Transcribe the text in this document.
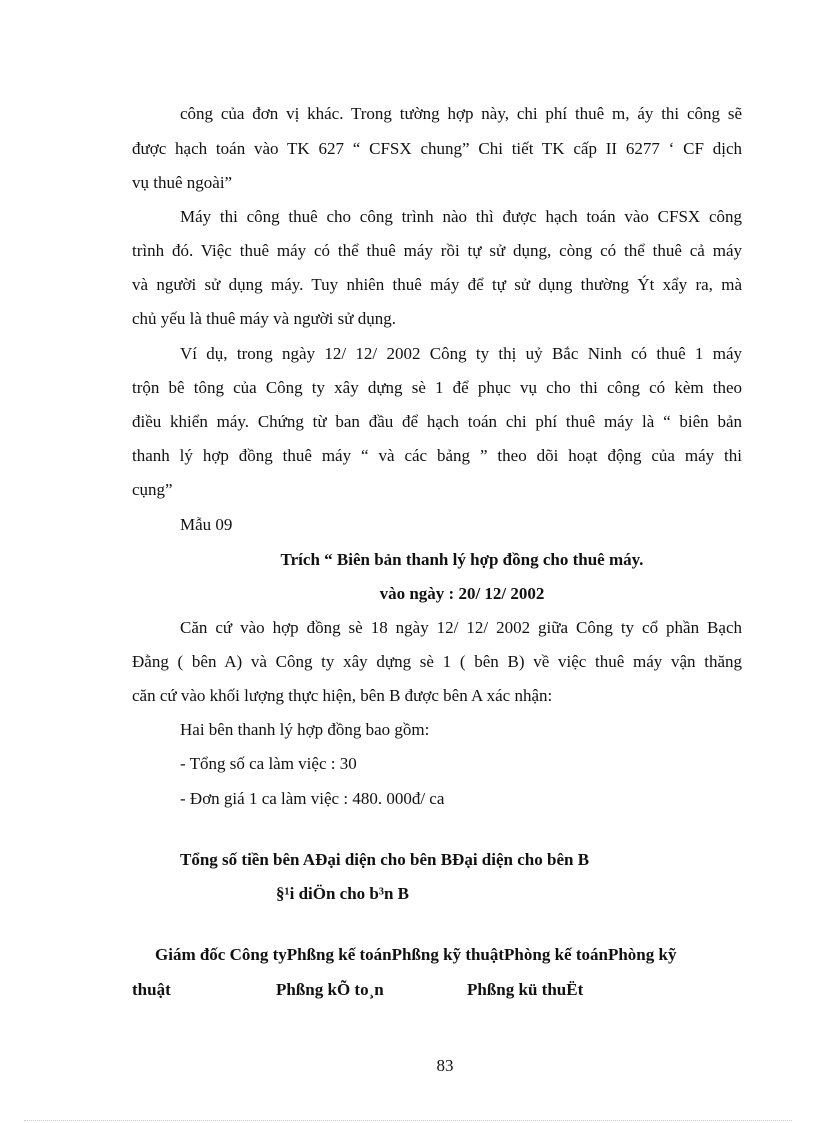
công của đơn vị khác. Trong tường hợp này, chi phí thuê m, áy thi công sẽ
được hạch toán vào TK 627 “ CFSX chung” Chi tiết TK cấp II 6277 ‘ CF dịch
vụ thuê ngoài”
Máy thi công thuê cho công trình nào thì được hạch toán vào CFSX công
trình đó. Việc thuê máy có thể thuê máy rồi tự sử dụng, còng có thể thuê cả máy
và người sử dụng máy. Tuy nhiên thuê máy để tự sử dụng thường Ýt xẩy ra, mà
chủ yếu là thuê máy và người sử dụng.
Ví dụ, trong ngày 12/ 12/ 2002 Công ty thị uỷ Bắc Ninh có thuê 1 máy
trộn bê tông của Công ty xây dựng sè 1 để phục vụ cho thi công có kèm theo
điều khiển máy. Chứng từ ban đầu để hạch toán chi phí thuê máy là “ biên bản
thanh lý hợp đồng thuê máy “ và các bảng ” theo dõi hoạt động của máy thi
cụng”
Mẫu 09
Trích “ Biên bản thanh lý hợp đồng cho thuê máy.
vào ngày : 20/ 12/ 2002
Căn cứ vào hợp đồng sè 18 ngày 12/ 12/ 2002 giữa Công ty cổ phần Bạch
Đằng ( bên A) và Công ty xây dựng sè 1 ( bên B) về việc thuê máy vận thăng
căn cứ vào khối lượng thực hiện, bên B được bên A xác nhận:
Hai bên thanh lý hợp đồng bao gồm:
- Tổng số ca làm việc : 30
- Đơn giá 1 ca làm việc : 480. 000đ/ ca
Tổng số tiền bên AĐại diện cho bên BĐại diện cho bên B
§¹i diÖn cho b³n B
Giám đốc Công tyPhßng kế toánPhßng kỹ thuậtPhòng kế toánPhòng kỹ
thuật	Phßng kÕ to¸n	Phßng kü thuËt
83
